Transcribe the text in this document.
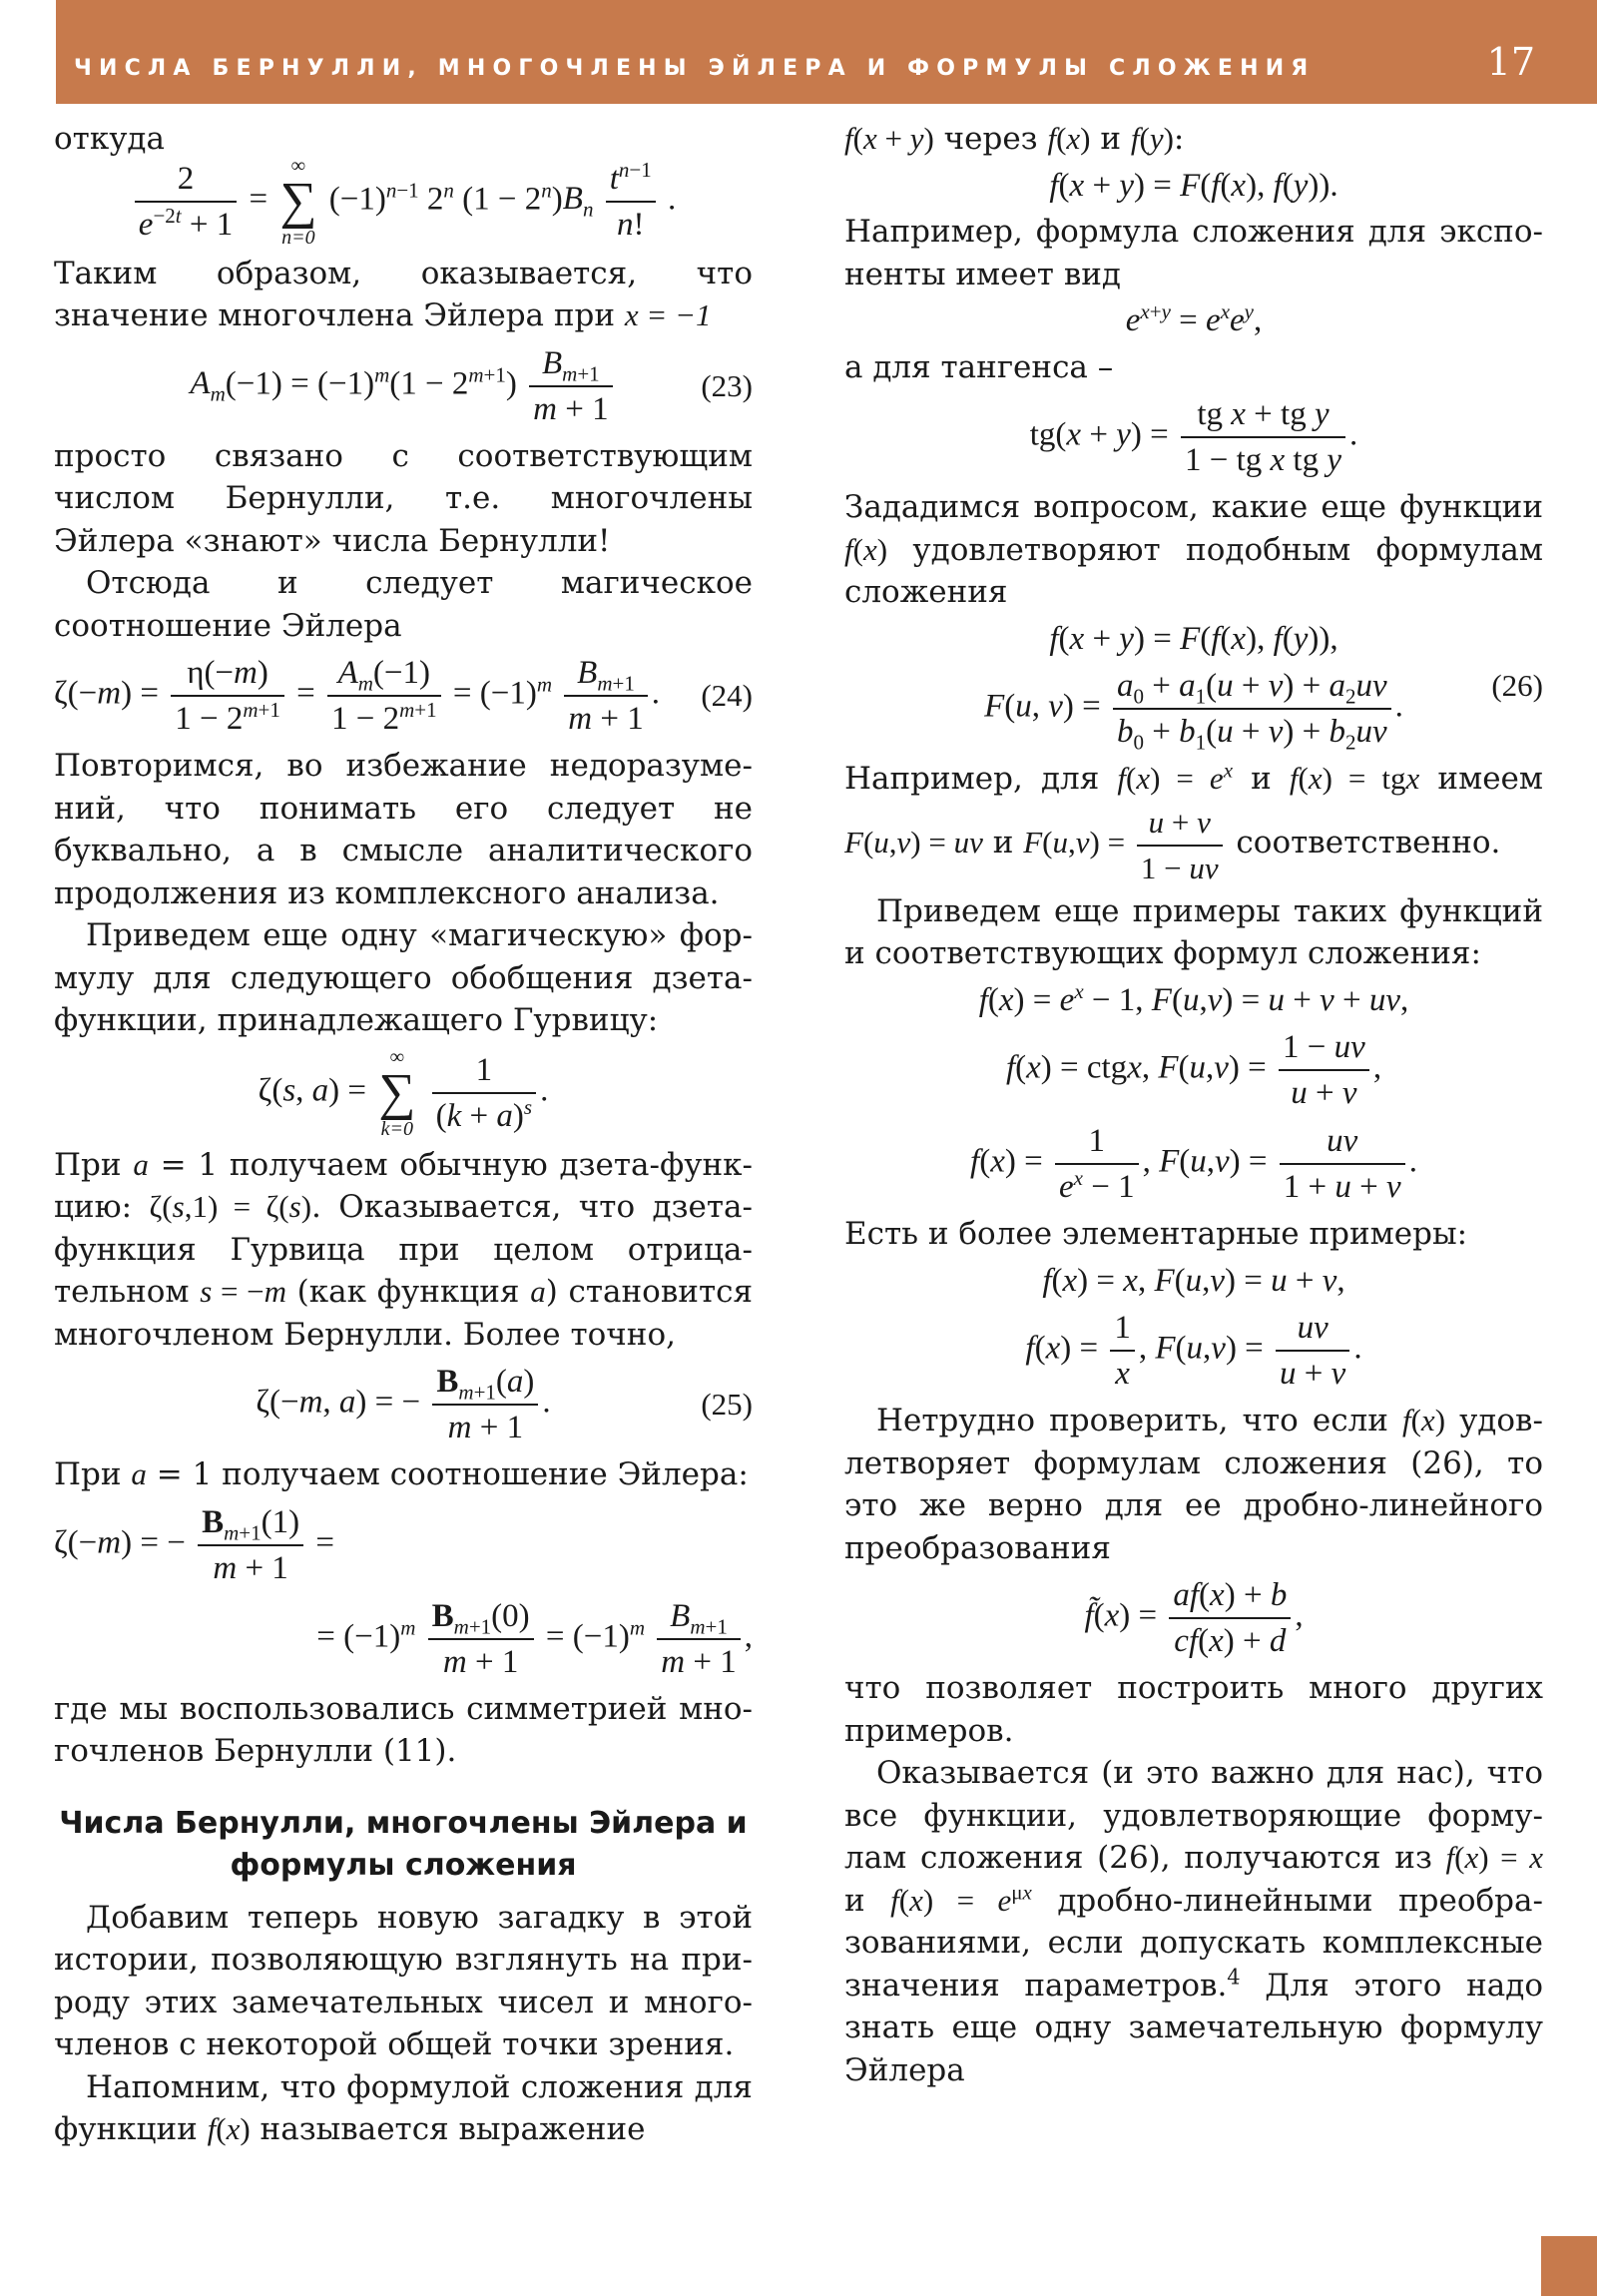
ЧИСЛА БЕРНУЛЛИ, МНОГОЧЛЕНЫ ЭЙЛЕРА И ФОРМУЛЫ СЛОЖЕНИЯ	17

откуда

$\frac{2}{e^{-2t} + 1}$ =
∞
∑
n=0
$(-1)^{n-1}$ 2$^n$ $(1 - 2^n)B_n \frac{t^{n-1}}{n!}$ .

Таким образом, оказывается, что значение многочлена Эйлера при x = −1

$A_m(-1) = (-1)^m(1 - 2^{m+1}) \frac{B_{m+1}}{m + 1}$	(23)

просто связано с соответствующим числом Бернулли, т.е. многочлены Эйлера «знают» числа Бернулли!

Отсюда и следует магическое соотношение Эйлера

$\zeta(-m) = \frac{\eta(-m)}{1 - 2^{m+1}} = \frac{A_m(-1)}{1 - 2^{m+1}} = (-1)^m \frac{B_{m+1}}{m + 1}$ . (24)

Повторимся, во избежание недоразумений, что понимать его следует не буквально, а в смысле аналитического продолжения из комплексного анализа.

Приведем еще одну «магическую» формулу для следующего обобщения дзета-функции, принадлежащего Гурвицу:

ζ(s, a) =
∞
∑
k=0
$\frac{1}{(k + a)^s}$ .

При a = 1 получаем обычную дзета-функцию: ζ(s,1) = ζ(s). Оказывается, что дзета-функция Гурвица при целом отрицательном s = −m (как функция a) становится многочленом Бернулли. Более точно,

ζ(−m, a) = − $\frac{B_{m+1}(a)}{m + 1}$ .	(25)

При a = 1 получаем соотношение Эйлера:

ζ(−m) = − $\frac{B_{m+1}(1)}{m + 1}$ =
= $(-1)^m \frac{B_{m+1}(0)}{m + 1} = (-1)^m \frac{B_{m+1}}{m + 1}$ ,

где мы воспользовались симметрией многочленов Бернулли (11).

Числа Бернулли, многочлены Эйлера и формулы сложения

Добавим теперь новую загадку в этой истории, позволяющую взглянуть на природу этих замечательных чисел и многочленов с некоторой общей точки зрения.

Напомним, что формулой сложения для функции f(x) называется выражение

f(x + y) через f(x) и f(y):

f(x + y) = F(f(x), f(y)).

Например, формула сложения для экспоненты имеет вид

$e^{x+y} = e^xe^y$,

а для тангенса –

$tg(x + y) = \frac{\text{tg x + tg y}}{\text{1 − tg x tg y}}$ .

Зададимся вопросом, какие еще функции f(x) удовлетворяют подобным формулам сложения

f(x + y) = F(f(x), f(y)),
F(u, $v) = \frac{a_0 + a_1(u + v) + a_2uv}{b_0 + b_1(u + v) + b_2uv}$ .
(26)

Например, для $f(x) = e^x$ и f(x) = tgx имеем F(u,v) = uv и $F(u,v) = \frac{u + v}{1 - uv}$ соответственно.

Приведем еще примеры таких функций и соответствующих формул сложения:

$f(x) = e^x - 1$, F(u,v) = u + v + uv,
f(x) = ctgx, $F(u,v) = \frac{1 - uv}{u + v}$ ,
$f(x) = \frac{1}{e^x - 1}$ , $F(u,v) = \frac{uv}{1 + u + v}$ .

Есть и более элементарные примеры:

f(x) = x, F(u,v) = u + v,
$f(x) = \frac{1}{x}$ , $F(u,v) = \frac{uv}{u + v}$ .

Нетрудно проверить, что если f(x) удовлетворяет формулам сложения (26), то это же верно для ее дробно-линейного преобразования

f̃(x) = $\frac{af(x) + b}{cf(x) + d}$ ,

что позволяет построить много других примеров.

Оказывается (и это важно для нас), что все функции, удовлетворяющие формулам сложения (26), получаются из f(x) = x и $f(x) = e^{\mu x}$ дробно-линейными преобразованиями, если допускать комплексные значения параметров.$^4$ Для этого надо знать еще одну замечательную формулу Эйлера
